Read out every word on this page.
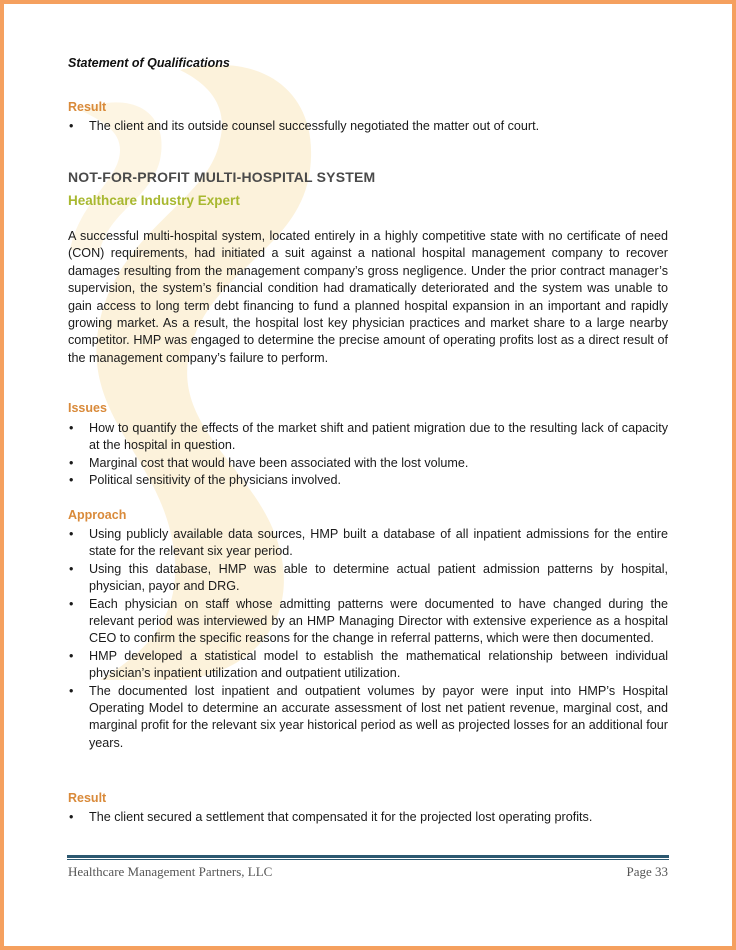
Statement of Qualifications

Result

• The client and its outside counsel successfully negotiated the matter out of court.

NOT-FOR-PROFIT MULTI-HOSPITAL SYSTEM

Healthcare Industry Expert

A successful multi-hospital system, located entirely in a highly competitive state with no certificate of need (CON) requirements, had initiated a suit against a national hospital management company to recover damages resulting from the management company’s gross negligence. Under the prior contract manager’s supervision, the system’s financial condition had dramatically deteriorated and the system was unable to gain access to long term debt financing to fund a planned hospital expansion in an important and rapidly growing market. As a result, the hospital lost key physician practices and market share to a large nearby competitor. HMP was engaged to determine the precise amount of operating profits lost as a direct result of the management company’s failure to perform.

Issues

• How to quantify the effects of the market shift and patient migration due to the resulting lack of capacity at the hospital in question.
• Marginal cost that would have been associated with the lost volume.
• Political sensitivity of the physicians involved.

Approach

• Using publicly available data sources, HMP built a database of all inpatient admissions for the entire state for the relevant six year period.
• Using this database, HMP was able to determine actual patient admission patterns by hospital, physician, payor and DRG.
• Each physician on staff whose admitting patterns were documented to have changed during the relevant period was interviewed by an HMP Managing Director with extensive experience as a hospital CEO to confirm the specific reasons for the change in referral patterns, which were then documented.
• HMP developed a statistical model to establish the mathematical relationship between individual physician’s inpatient utilization and outpatient utilization.
• The documented lost inpatient and outpatient volumes by payor were input into HMP’s Hospital Operating Model to determine an accurate assessment of lost net patient revenue, marginal cost, and marginal profit for the relevant six year historical period as well as projected losses for an additional four years.

Result

• The client secured a settlement that compensated it for the projected lost operating profits.

Healthcare Management Partners, LLC	Page 33
